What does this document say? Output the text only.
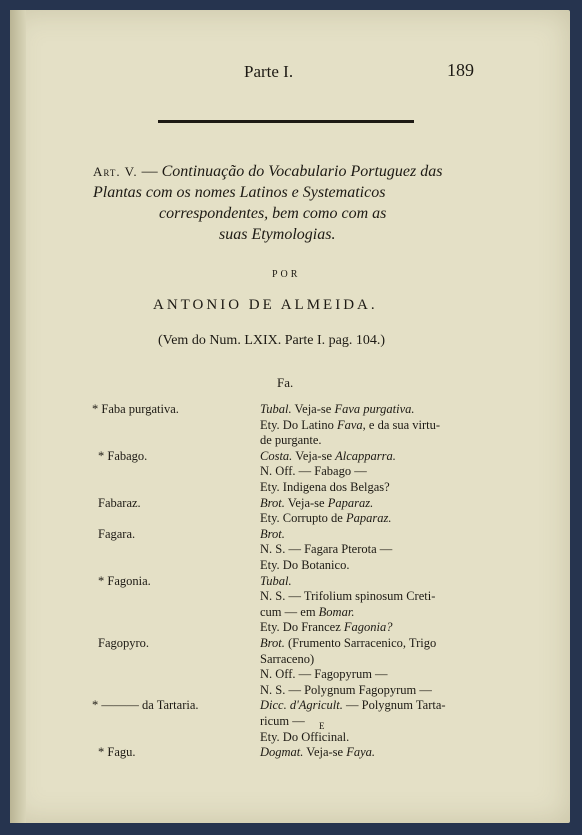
Parte I.	189
Art. V. — Continuação do Vocabulario Portuguez das
Plantas com os nomes Latinos e Systematicos
correspondentes, bem como com as
suas Etymologias.
POR
ANTONIO DE ALMEIDA.
(Vem do Num. LXIX. Parte I. pag. 104.)
Fa.
* Faba purgativa.	Tubal. Veja-se Fava purgativa.
Ety. Do Latino Fava, e da sua virtu-
de purgante.
* Fabago.	Costa. Veja-se Alcapparra.
N. Off. — Fabago —
Ety. Indigena dos Belgas?
Fabaraz.	Brot. Veja-se Paparaz.
Ety. Corrupto de Paparaz.
Fagara.	Brot.
N. S. — Fagara Pterota —
Ety. Do Botanico.
* Fagonia.	Tubal.
N. S. — Trifolium spinosum Creti-
cum — em Bomar.
Ety. Do Francez Fagonia?
Fagopyro.	Brot. (Frumento Sarracenico, Trigo
Sarraceno)
N. Off. — Fagopyrum —
N. S. — Polygnum Fagopyrum —
* ——— da Tartaria.	Dicc. d'Agricult. — Polygnum Tarta-
ricum —
Ety. Do Officinal.
* Fagu.	Dogmat. Veja-se Faya.
E
